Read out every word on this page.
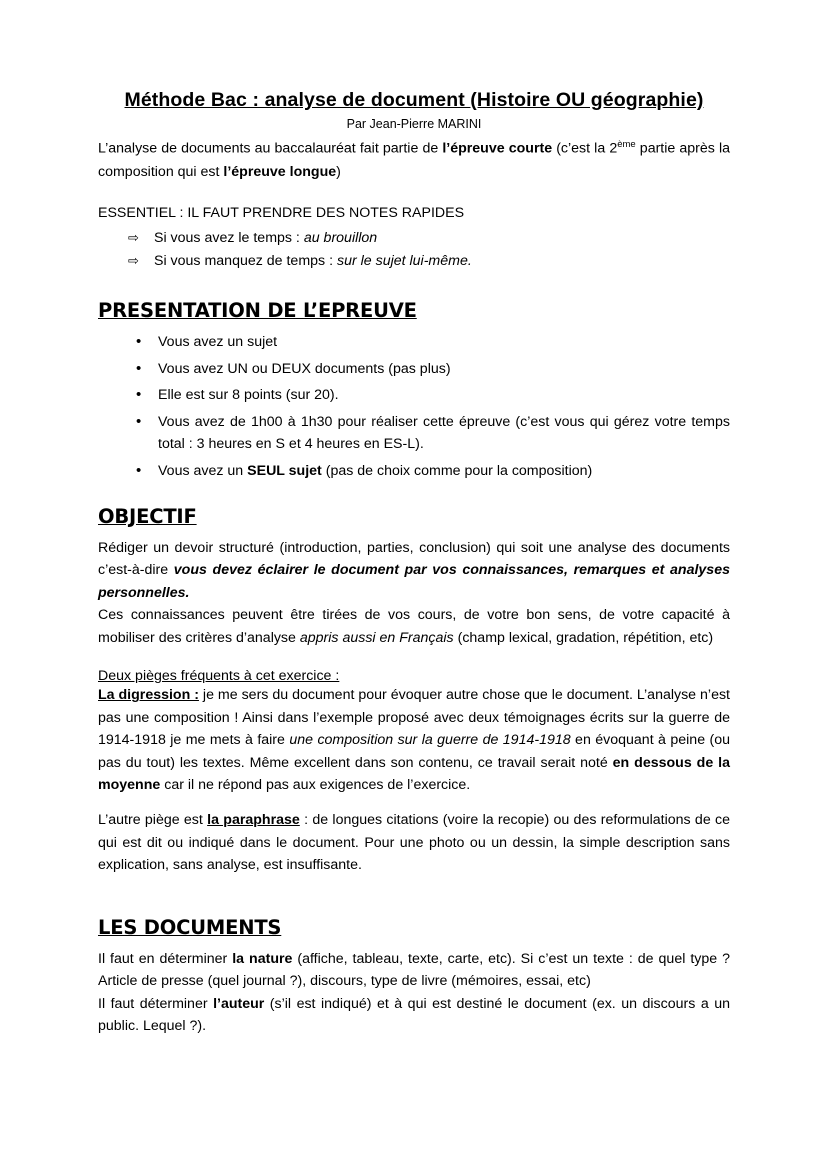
Méthode Bac : analyse de document (Histoire OU géographie)
Par Jean-Pierre MARINI

L’analyse de documents au baccalauréat fait partie de l’épreuve courte (c’est la 2ème partie après la composition qui est l’épreuve longue)

ESSENTIEL : IL FAUT PRENDRE DES NOTES RAPIDES

⇨ Si vous avez le temps : au brouillon
⇨ Si vous manquez de temps : sur le sujet lui-même.
PRESENTATION DE L’EPREUVE
• Vous avez un sujet
• Vous avez UN ou DEUX documents (pas plus)
• Elle est sur 8 points (sur 20).
• Vous avez de 1h00 à 1h30 pour réaliser cette épreuve (c’est vous qui gérez votre temps total : 3 heures en S et 4 heures en ES-L).
• Vous avez un SEUL sujet (pas de choix comme pour la composition)
OBJECTIF

Rédiger un devoir structuré (introduction, parties, conclusion) qui soit une analyse des documents c’est-à-dire vous devez éclairer le document par vos connaissances, remarques et analyses personnelles.

Ces connaissances peuvent être tirées de vos cours, de votre bon sens, de votre capacité à mobiliser des critères d’analyse appris aussi en Français (champ lexical, gradation, répétition, etc)

Deux pièges fréquents à cet exercice :

La digression : je me sers du document pour évoquer autre chose que le document. L’analyse n’est pas une composition ! Ainsi dans l’exemple proposé avec deux témoignages écrits sur la guerre de 1914-1918 je me mets à faire une composition sur la guerre de 1914-1918 en évoquant à peine (ou pas du tout) les textes. Même excellent dans son contenu, ce travail serait noté en dessous de la moyenne car il ne répond pas aux exigences de l’exercice.

L’autre piège est la paraphrase : de longues citations (voire la recopie) ou des reformulations de ce qui est dit ou indiqué dans le document. Pour une photo ou un dessin, la simple description sans explication, sans analyse, est insuffisante.

LES DOCUMENTS

Il faut en déterminer la nature (affiche, tableau, texte, carte, etc). Si c’est un texte : de quel type ? Article de presse (quel journal ?), discours, type de livre (mémoires, essai, etc)

Il faut déterminer l’auteur (s’il est indiqué) et à qui est destiné le document (ex. un discours a un public. Lequel ?).
